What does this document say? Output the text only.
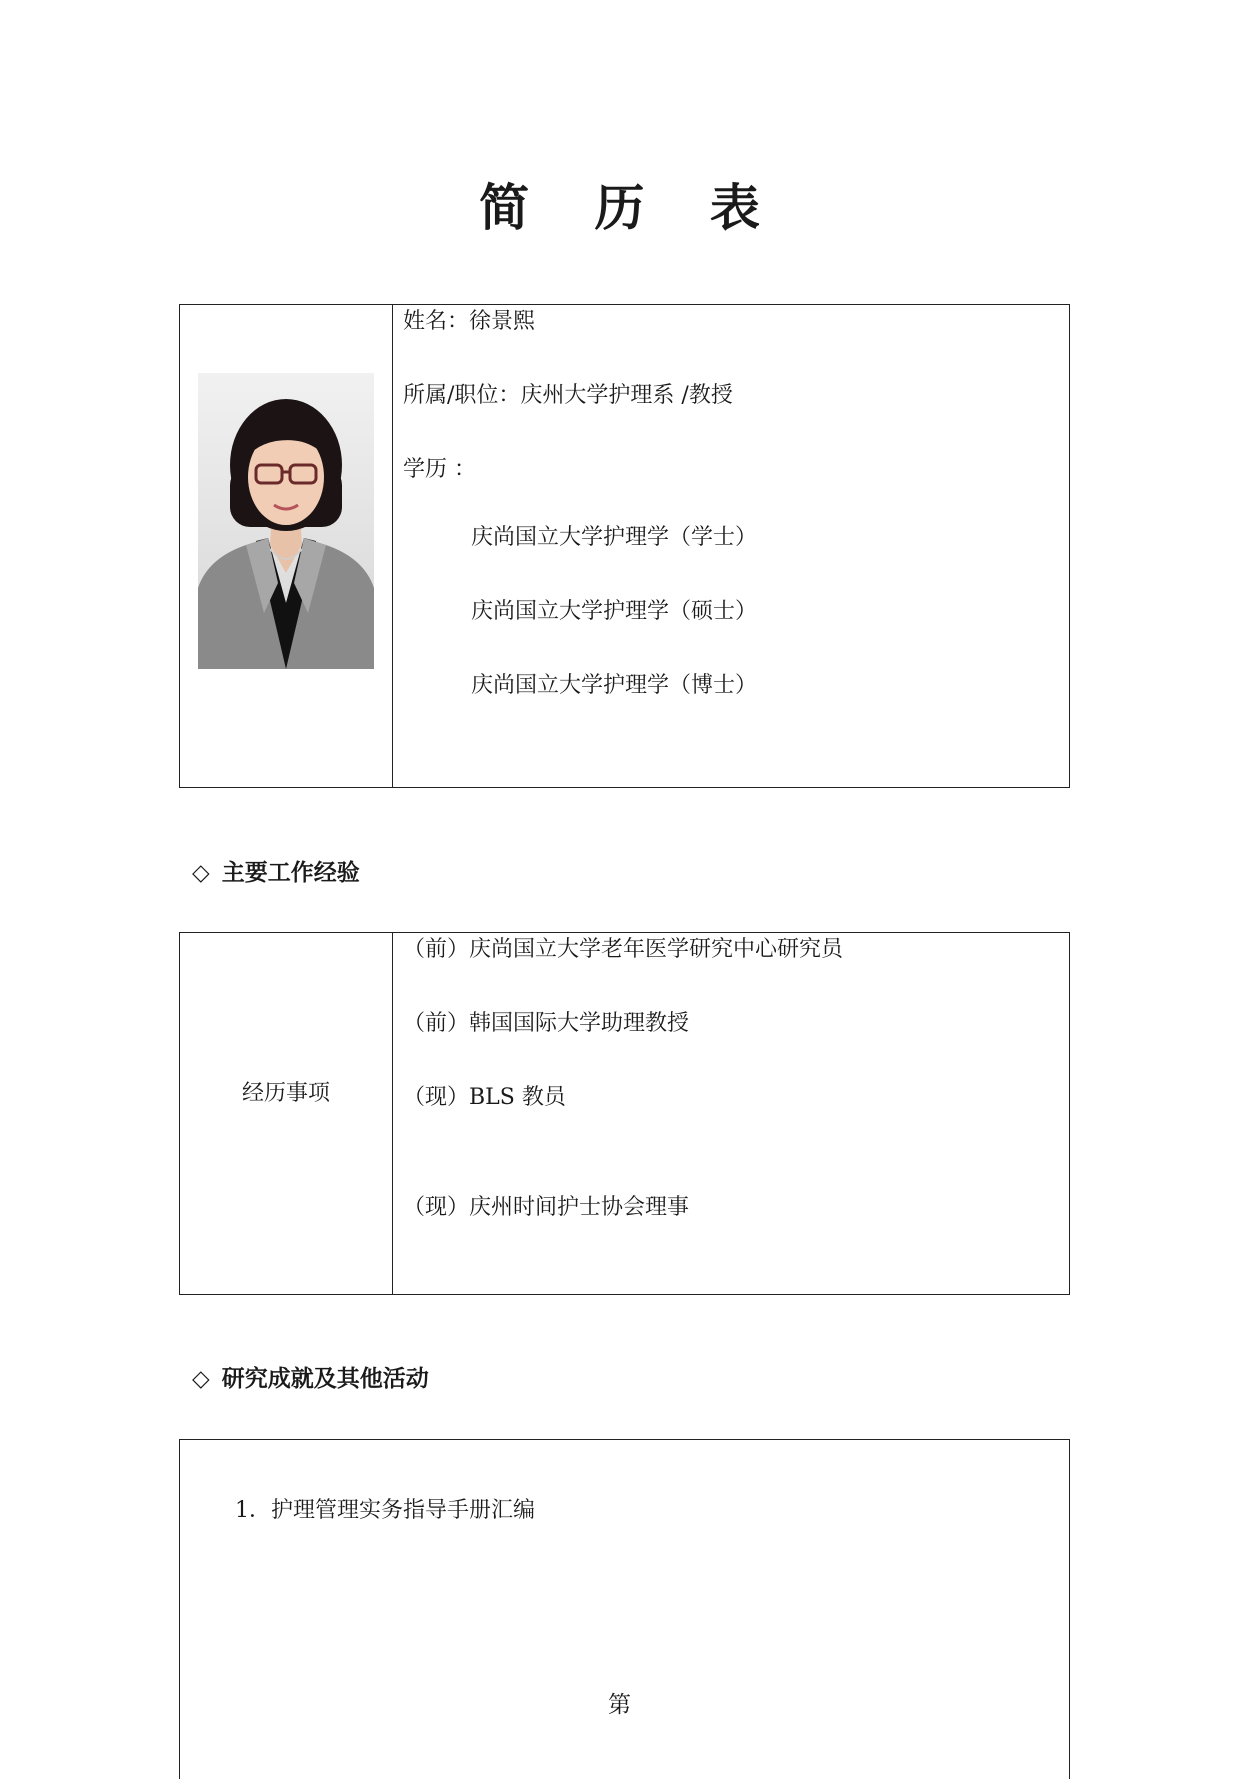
简 历 表
姓名：徐景熙
所属/职位：庆州大学护理系 /教授
学历 ：
庆尚国立大学护理学（学士）
庆尚国立大学护理学（硕士）
庆尚国立大学护理学（博士）
◇ 主要工作经验
经历事项
（前）庆尚国立大学老年医学研究中心研究员
（前）韩国国际大学助理教授
（现）BLS 教员
（现）庆州时间护士协会理事
◇ 研究成就及其他活动
1．护理管理实务指导手册汇编
第
